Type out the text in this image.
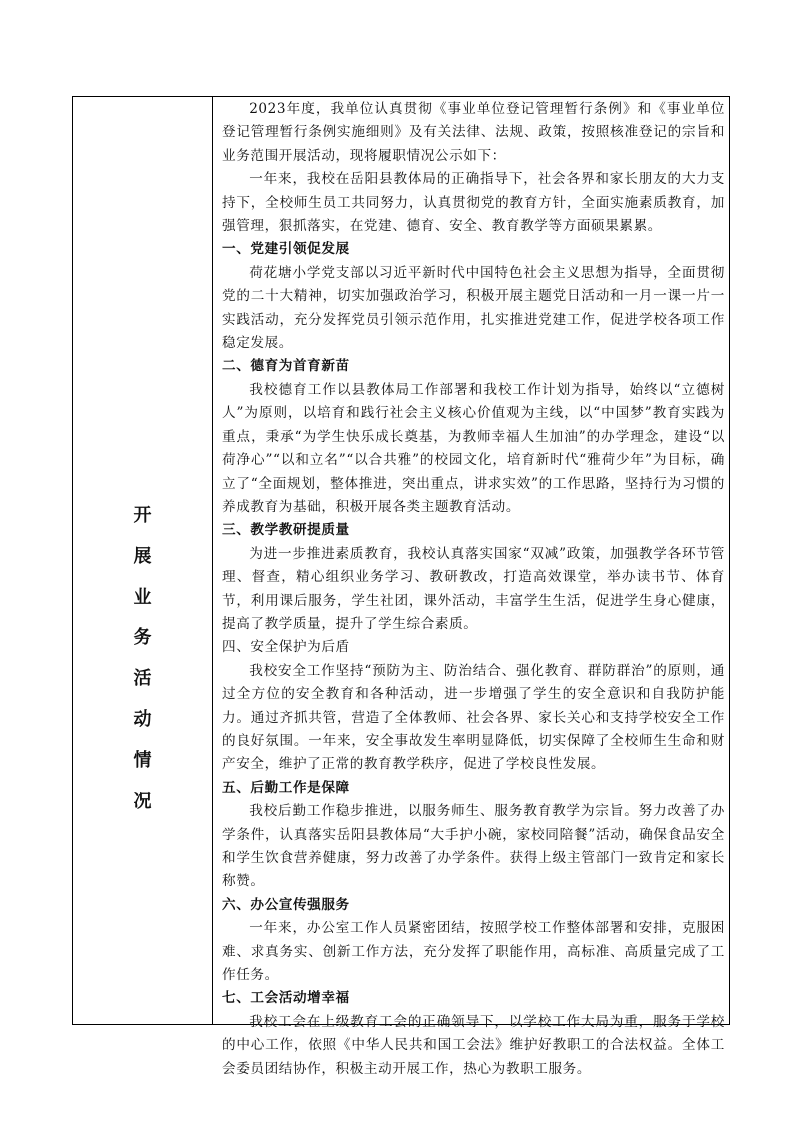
开
展
业
务
活
动
情
况

2023年度，我单位认真贯彻《事业单位登记管理暂行条例》和《事业单位登记管理暂行条例实施细则》及有关法律、法规、政策，按照核准登记的宗旨和业务范围开展活动，现将履职情况公示如下：

一年来，我校在岳阳县教体局的正确指导下，社会各界和家长朋友的大力支持下，全校师生员工共同努力，认真贯彻党的教育方针，全面实施素质教育，加强管理，狠抓落实，在党建、德育、安全、教育教学等方面硕果累累。

一、党建引领促发展

荷花塘小学党支部以习近平新时代中国特色社会主义思想为指导，全面贯彻党的二十大精神，切实加强政治学习，积极开展主题党日活动和一月一课一片一实践活动，充分发挥党员引领示范作用，扎实推进党建工作，促进学校各项工作稳定发展。

二、德育为首育新苗

我校德育工作以县教体局工作部署和我校工作计划为指导，始终以“立德树人”为原则，以培育和践行社会主义核心价值观为主线，以“中国梦”教育实践为重点，秉承“为学生快乐成长奠基，为教师幸福人生加油”的办学理念，建设“以荷净心”“以和立名”“以合共雅”的校园文化，培育新时代“雅荷少年”为目标，确立了“全面规划，整体推进，突出重点，讲求实效”的工作思路，坚持行为习惯的养成教育为基础，积极开展各类主题教育活动。

三、教学教研提质量

为进一步推进素质教育，我校认真落实国家“双减”政策，加强教学各环节管理、督查，精心组织业务学习、教研教改，打造高效课堂，举办读书节、体育节，利用课后服务，学生社团，课外活动，丰富学生生活，促进学生身心健康，提高了教学质量，提升了学生综合素质。

四、安全保护为后盾

我校安全工作坚持“预防为主、防治结合、强化教育、群防群治”的原则，通过全方位的安全教育和各种活动，进一步增强了学生的安全意识和自我防护能力。通过齐抓共管，营造了全体教师、社会各界、家长关心和支持学校安全工作的良好氛围。一年来，安全事故发生率明显降低，切实保障了全校师生生命和财产安全，维护了正常的教育教学秩序，促进了学校良性发展。

五、后勤工作是保障

我校后勤工作稳步推进，以服务师生、服务教育教学为宗旨。努力改善了办学条件，认真落实岳阳县教体局“大手护小碗，家校同陪餐”活动，确保食品安全和学生饮食营养健康，努力改善了办学条件。获得上级主管部门一致肯定和家长称赞。

六、办公宣传强服务

一年来，办公室工作人员紧密团结，按照学校工作整体部署和安排，克服困难、求真务实、创新工作方法，充分发挥了职能作用，高标准、高质量完成了工作任务。

七、工会活动增幸福

我校工会在上级教育工会的正确领导下，以学校工作大局为重，服务于学校的中心工作，依照《中华人民共和国工会法》维护好教职工的合法权益。全体工会委员团结协作，积极主动开展工作，热心为教职工服务。
